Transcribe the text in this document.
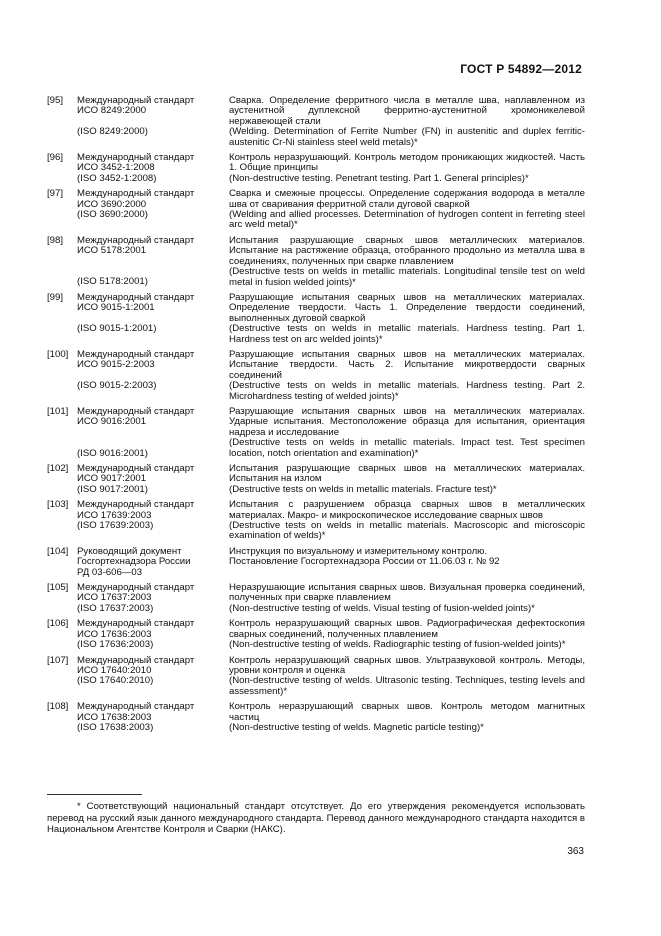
ГОСТ Р 54892—2012
[95]	Международный стандарт
ИСО 8249:2000
(ISO 8249:2000)
Сварка. Определение ферритного числа в металле шва, наплавленном из аустенитной дуплексной ферритно-аустенитной хромоникелевой нержавеющей стали
(Welding. Determination of Ferrite Number (FN) in austenitic and duplex ferritic-austenitic Cr-Ni stainless steel weld metals)*
[96]	Международный стандарт
ИСО 3452-1:2008
(ISO 3452-1:2008)
Контроль неразрушающий. Контроль методом проникающих жидкостей. Часть 1. Общие принципы
(Non-destructive testing. Penetrant testing. Part 1. General principles)*
[97]	Международный стандарт
ИСО 3690:2000
(ISO 3690:2000)
Сварка и смежные процессы. Определение содержания водорода в металле шва от сваривания ферритной стали дуговой сваркой
(Welding and allied processes. Determination of hydrogen content in ferreting steel arc weld metal)*
[98]	Международный стандарт
ИСО 5178:2001
(ISO 5178:2001)
Испытания разрушающие сварных швов металлических материалов. Испытание на растяжение образца, отобранного продольно из металла шва в соединениях, полученных при сварке плавлением
(Destructive tests on welds in metallic materials. Longitudinal tensile test on weld metal in fusion welded joints)*
[99]	Международный стандарт
ИСО 9015-1:2001
(ISO 9015-1:2001)
Разрушающие испытания сварных швов на металлических материалах. Определение твердости. Часть 1. Определение твердости соединений, выполненных дуговой сваркой
(Destructive tests on welds in metallic materials. Hardness testing. Part 1. Hardness test on arc welded joints)*
[100] Международный стандарт
ИСО 9015-2:2003
(ISO 9015-2:2003)
Разрушающие испытания сварных швов на металлических материалах. Испытание твердости. Часть 2. Испытание микротвердости сварных соединений
(Destructive tests on welds in metallic materials. Hardness testing. Part 2. Microhardness testing of welded joints)*
[101] Международный стандарт
ИСО 9016:2001
(ISO 9016:2001)
Разрушающие испытания сварных швов на металлических материалах. Ударные испытания. Местоположение образца для испытания, ориентация надреза и исследование
(Destructive tests on welds in metallic materials. Impact test. Test specimen location, notch orientation and examination)*
[102] Международный стандарт
ИСО 9017:2001
(ISO 9017:2001)
Испытания разрушающие сварных швов на металлических материалах. Испытания на излом
(Destructive tests on welds in metallic materials. Fracture test)*
[103] Международный стандарт
ИСО 17639:2003
(ISO 17639:2003)
Испытания с разрушением образца сварных швов в металлических материалах. Макро- и микроскопическое исследование сварных швов
(Destructive tests on welds in metallic materials. Macroscopic and microscopic examination of welds)*
[104] Руководящий документ
Госгортехнадзора России
РД 03-606—03
Инструкция по визуальному и измерительному контролю.
Постановление Госгортехнадзора России от 11.06.03 г. № 92
[105] Международный стандарт
ИСО 17637:2003
(ISO 17637:2003)
Неразрушающие испытания сварных швов. Визуальная проверка соединений, полученных при сварке плавлением
(Non-destructive testing of welds. Visual testing of fusion-welded joints)*
[106] Международный стандарт
ИСО 17636:2003
(ISO 17636:2003)
Контроль неразрушающий сварных швов. Радиографическая дефектоскопия сварных соединений, полученных плавлением
(Non-destructive testing of welds. Radiographic testing of fusion-welded joints)*
[107] Международный стандарт
ИСО 17640:2010
(ISO 17640:2010)
Контроль неразрушающий сварных швов. Ультразвуковой контроль. Методы, уровни контроля и оценка
(Non-destructive testing of welds. Ultrasonic testing. Techniques, testing levels and assessment)*
[108] Международный стандарт
ИСО 17638:2003
(ISO 17638:2003)
Контроль неразрушающий сварных швов. Контроль методом магнитных частиц
(Non-destructive testing of welds. Magnetic particle testing)*
* Соответствующий национальный стандарт отсутствует. До его утверждения рекомендуется использовать перевод на русский язык данного международного стандарта. Перевод данного международного стандарта находится в Национальном Агентстве Контроля и Сварки (НАКС).
363
